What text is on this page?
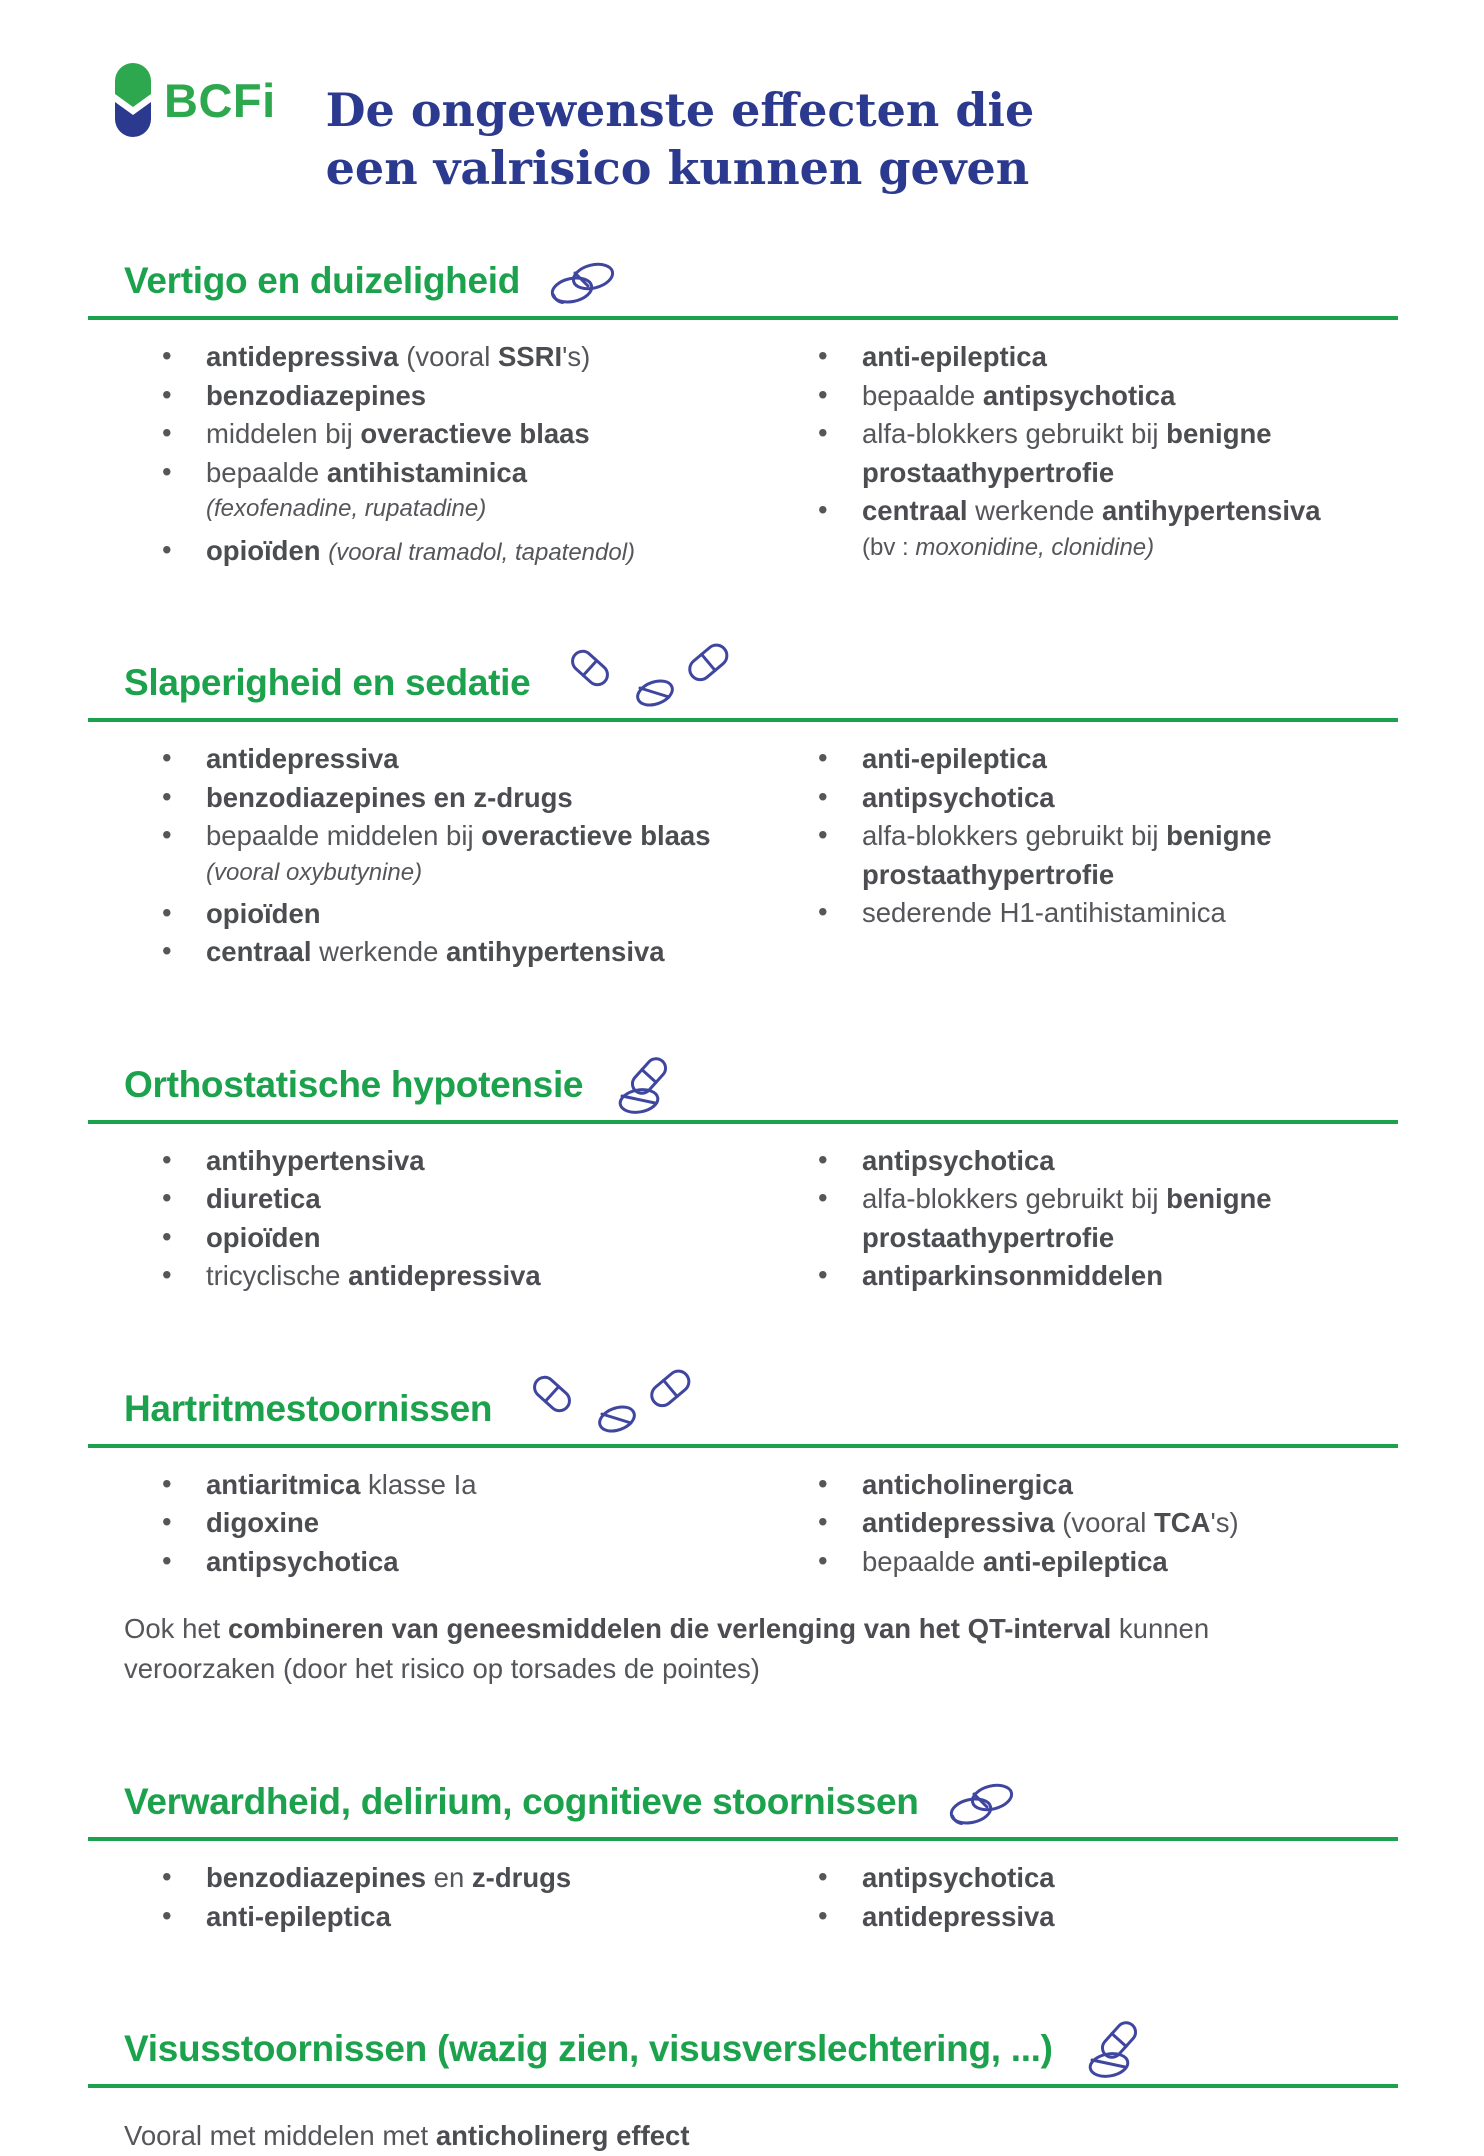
BCFi De ongewenste effecten die
een valrisico kunnen geven
Vertigo en duizeligheid
• antidepressiva (vooral SSRI's)
• benzodiazepines
• middelen bij overactieve blaas
• bepaalde antihistaminica
(fexofenadine, rupatadine)
• opioïden (vooral tramadol, tapatendol)
• anti-epileptica
• bepaalde antipsychotica
• alfa-blokkers gebruikt bij benigne prostaathypertrofie
• centraal werkende antihypertensiva
(bv : moxonidine, clonidine)
Slaperigheid en sedatie
• antidepressiva
• benzodiazepines en z-drugs
• bepaalde middelen bij overactieve blaas
(vooral oxybutynine)
• opioïden
• centraal werkende antihypertensiva
• anti-epileptica
• antipsychotica
• alfa-blokkers gebruikt bij benigne prostaathypertrofie
• sederende H1-antihistaminica
Orthostatische hypotensie
• antihypertensiva
• diuretica
• opioïden
• tricyclische antidepressiva
• antipsychotica
• alfa-blokkers gebruikt bij benigne prostaathypertrofie
• antiparkinsonmiddelen
Hartritmestoornissen
• antiaritmica klasse Ia
• digoxine
• antipsychotica
• anticholinergica
• antidepressiva (vooral TCA's)
• bepaalde anti-epileptica

Ook het combineren van geneesmiddelen die verlenging van het QT-interval kunnen veroorzaken (door het risico op torsades de pointes)

Verwardheid, delirium, cognitieve stoornissen
• benzodiazepines en z-drugs
• anti-epileptica
• antipsychotica
• antidepressiva
Visusstoornissen (wazig zien, visusverslechtering, ...)

Vooral met middelen met anticholinerg effect
